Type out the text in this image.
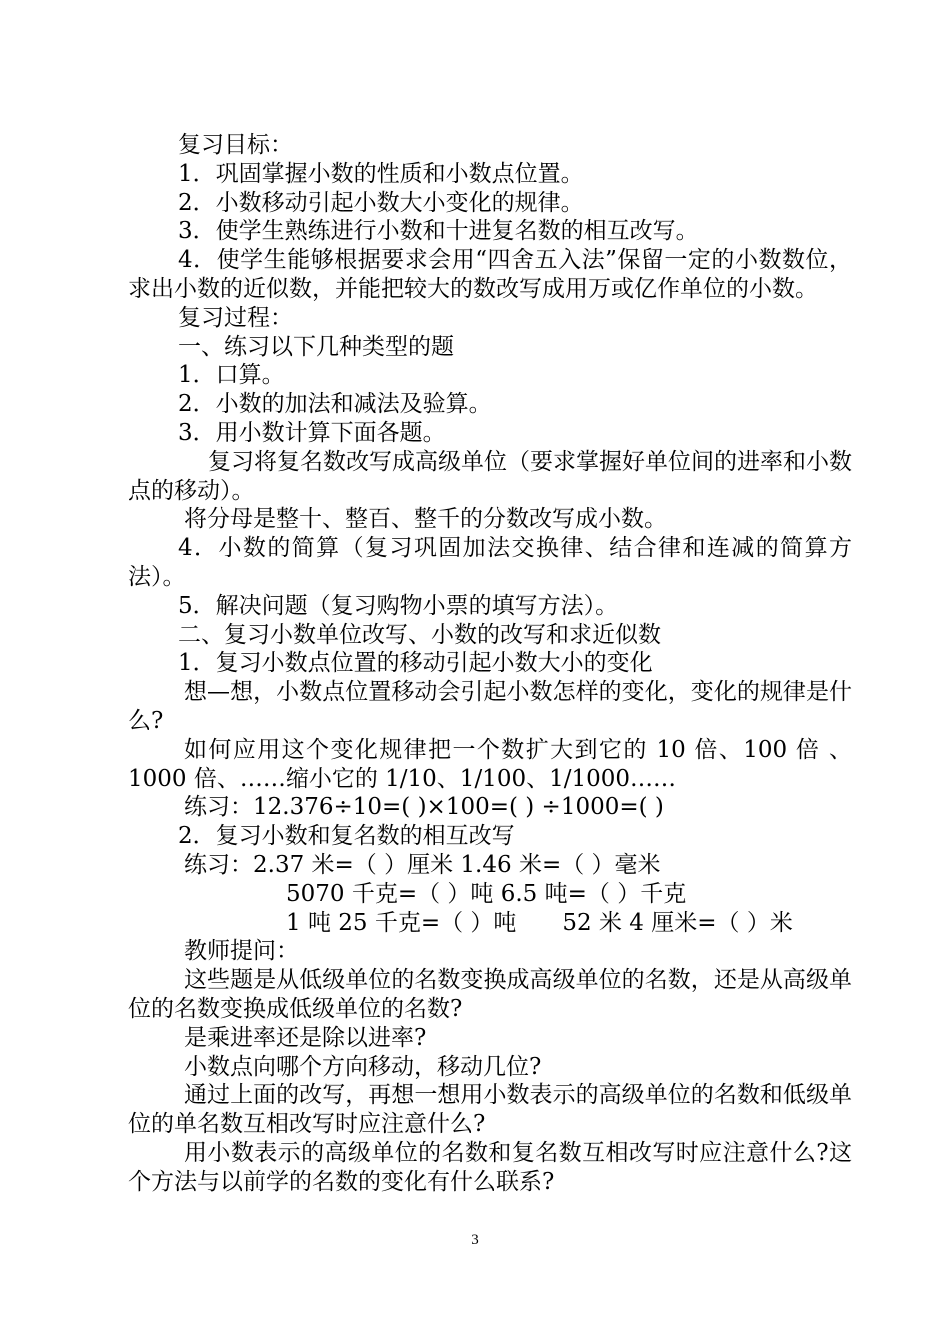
复习目标：

1．巩固掌握小数的性质和小数点位置。

2．小数移动引起小数大小变化的规律。

3．使学生熟练进行小数和十进复名数的相互改写。

4．使学生能够根据要求会用“四舍五入法”保留一定的小数数位，求出小数的近似数，并能把较大的数改写成用万或亿作单位的小数。

复习过程：

一、练习以下几种类型的题

1．口算。

2．小数的加法和减法及验算。

3．用小数计算下面各题。

复习将复名数改写成高级单位（要求掌握好单位间的进率和小数点的移动）。

将分母是整十、整百、整千的分数改写成小数。

4．小数的简算（复习巩固加法交换律、结合律和连减的简算方法）。

5．解决问题（复习购物小票的填写方法）。

二、复习小数单位改写、小数的改写和求近似数

1．复习小数点位置的移动引起小数大小的变化

想—想，小数点位置移动会引起小数怎样的变化，变化的规律是什么?

如何应用这个变化规律把一个数扩大到它的 10 倍、100 倍 、1000 倍、……缩小它的 1/10、1/100、1/1000……

练习：12.376÷10=( )×100=( ) ÷1000=( )

2．复习小数和复名数的相互改写

练习：2.37 米=（ ）厘米 1.46 米=（ ）毫米

5070 千克=（ ）吨 6.5 吨=（ ）千克

1 吨 25 千克=（ ）吨　　52 米 4 厘米=（ ）米

教师提问：

这些题是从低级单位的名数变换成高级单位的名数，还是从高级单位的名数变换成低级单位的名数?

是乘进率还是除以进率?

小数点向哪个方向移动，移动几位?

通过上面的改写，再想一想用小数表示的高级单位的名数和低级单位的单名数互相改写时应注意什么?

用小数表示的高级单位的名数和复名数互相改写时应注意什么?这个方法与以前学的名数的变化有什么联系?

3
